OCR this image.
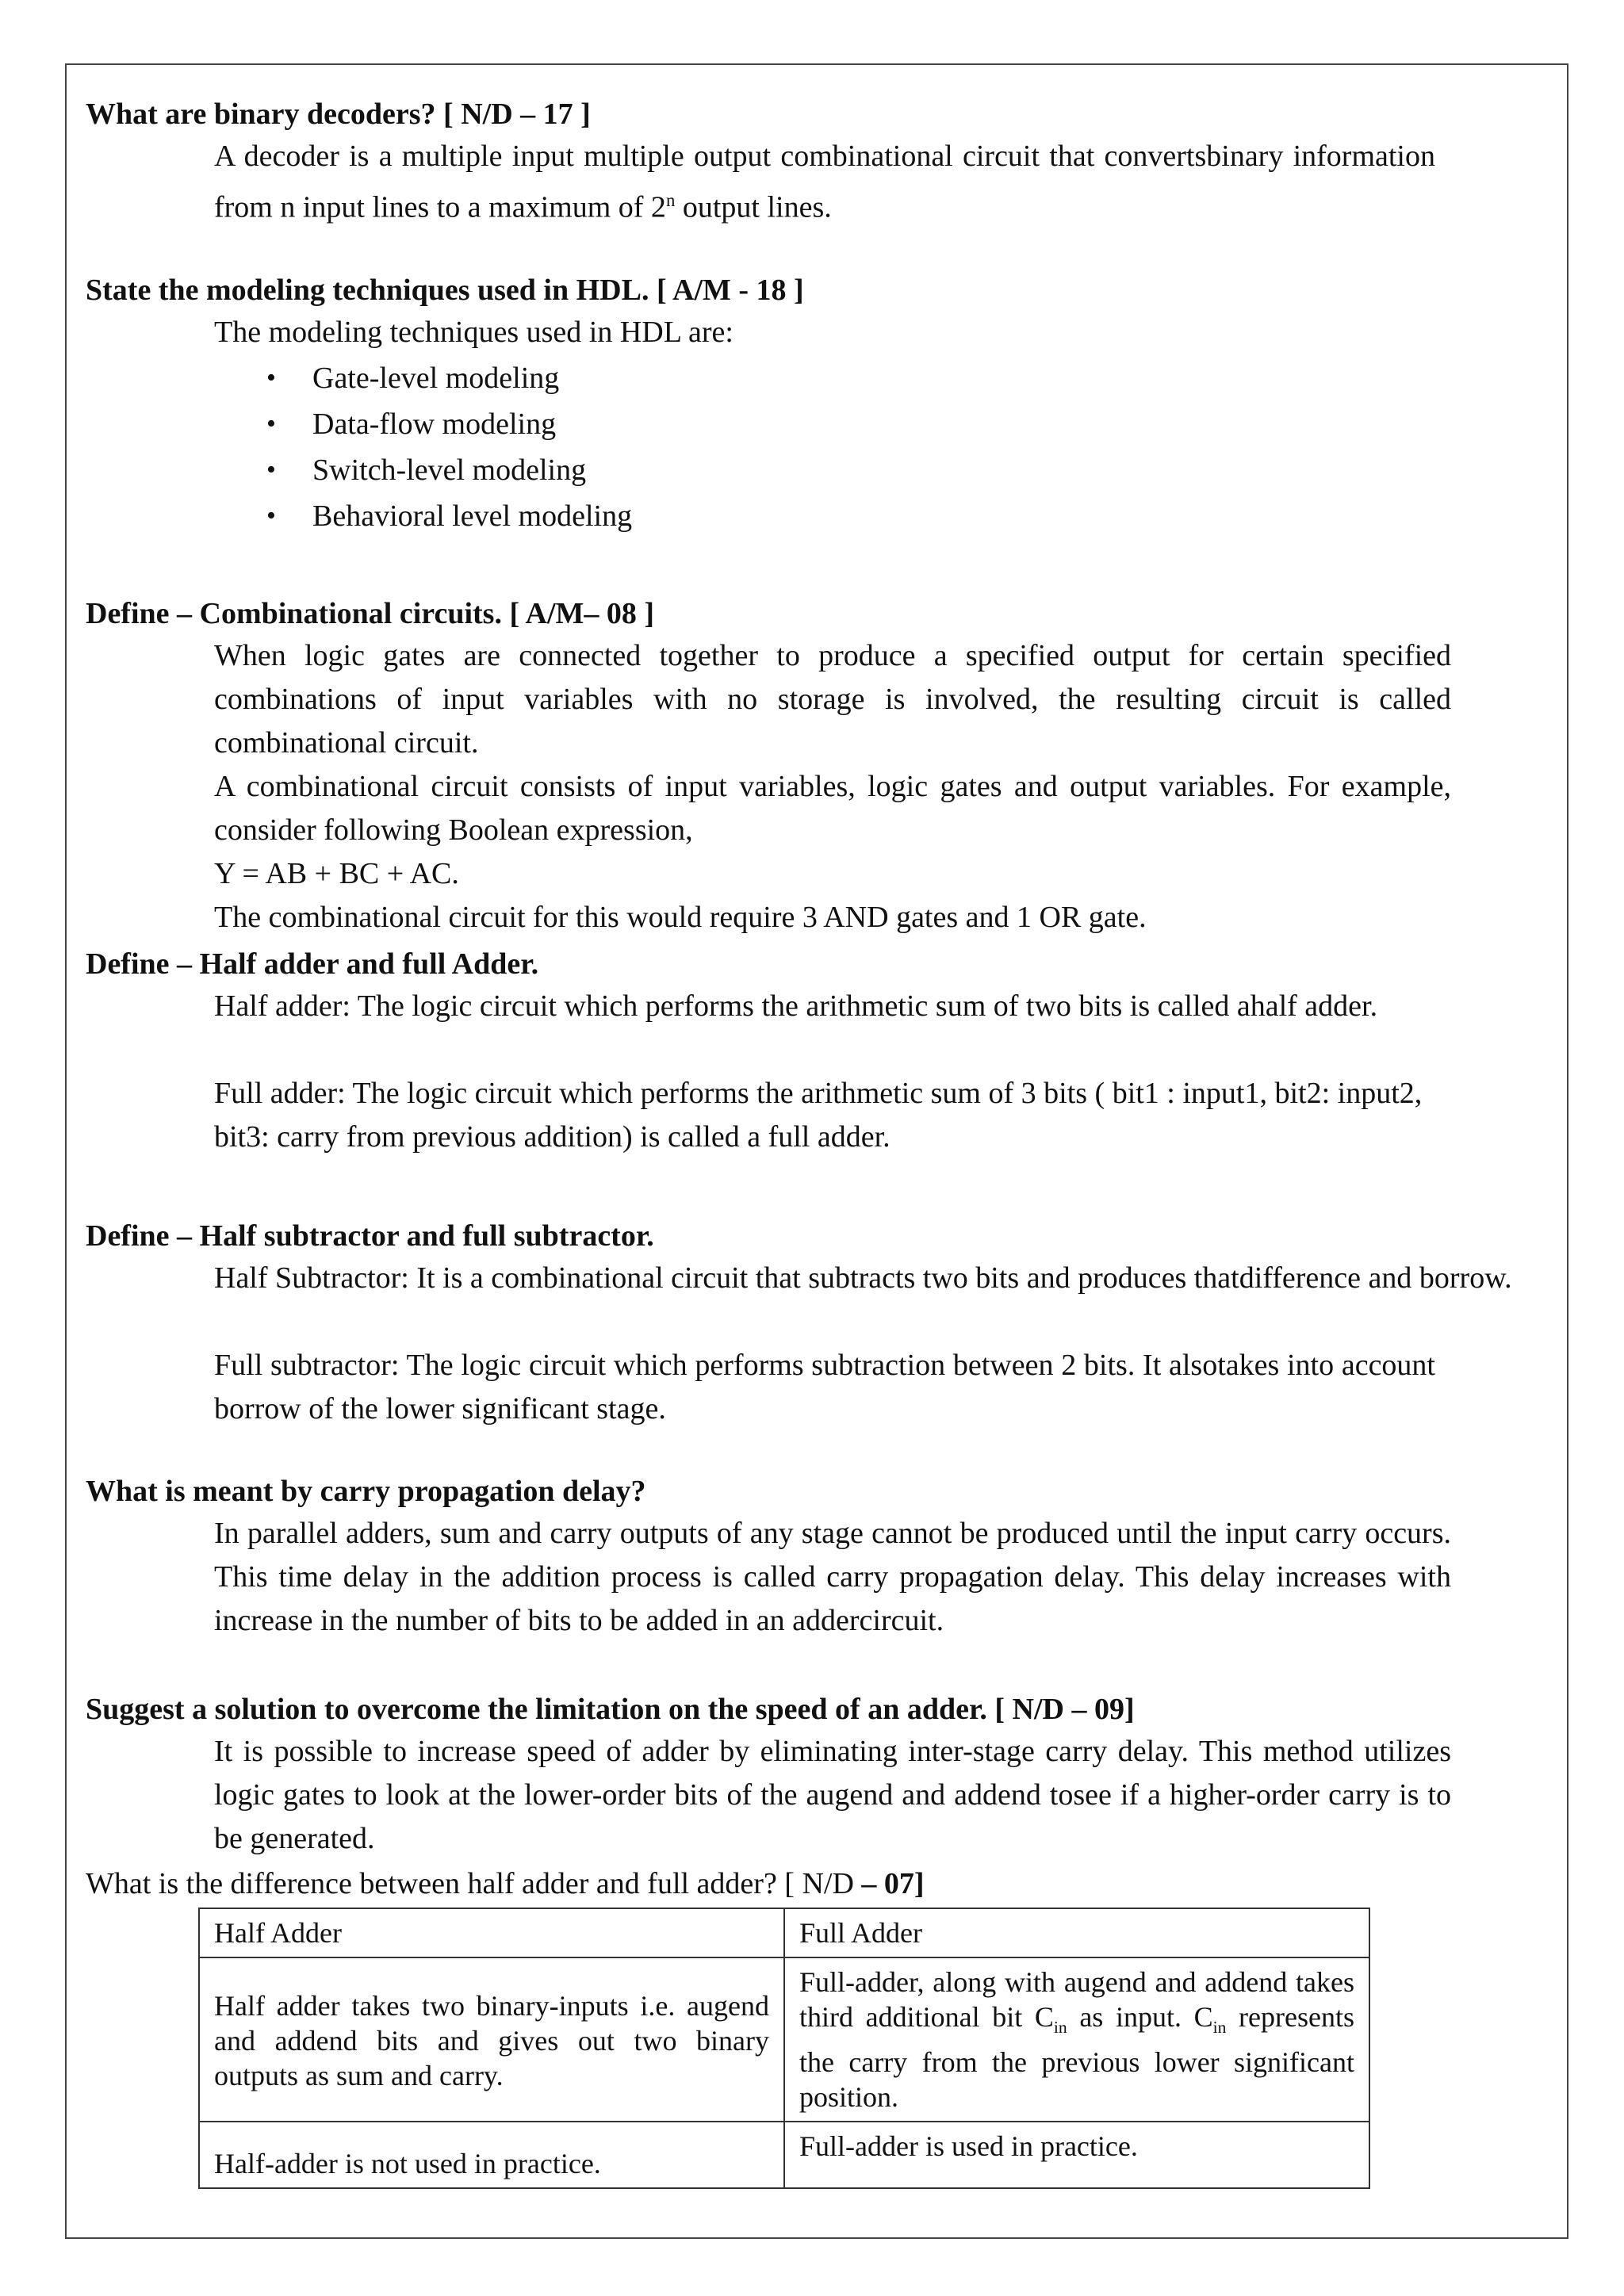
What are binary decoders? [ N/D – 17 ]
A decoder is a multiple input multiple output combinational circuit that convertsbinary information from n input lines to a maximum of 2$^n$ output lines.
State the modeling techniques used in HDL. [ A/M - 18 ]
The modeling techniques used in HDL are:
• Gate-level modeling
• Data-flow modeling
• Switch-level modeling
• Behavioral level modeling
Define – Combinational circuits. [ A/M– 08 ]
When logic gates are connected together to produce a specified output for certain specified combinations of input variables with no storage is involved, the resulting circuit is called combinational circuit.
A combinational circuit consists of input variables, logic gates and output variables. For example, consider following Boolean expression,
Y = AB + BC + AC.
The combinational circuit for this would require 3 AND gates and 1 OR gate.
Define – Half adder and full Adder.
Half adder: The logic circuit which performs the arithmetic sum of two bits is called ahalf adder.
Full adder: The logic circuit which performs the arithmetic sum of 3 bits ( bit1 : input1, bit2: input2, bit3: carry from previous addition) is called a full adder.
Define – Half subtractor and full subtractor.
Half Subtractor: It is a combinational circuit that subtracts two bits and produces thatdifference and borrow.
Full subtractor: The logic circuit which performs subtraction between 2 bits. It alsotakes into account borrow of the lower significant stage.
What is meant by carry propagation delay?
In parallel adders, sum and carry outputs of any stage cannot be produced until the input carry occurs. This time delay in the addition process is called carry propagation delay. This delay increases with increase in the number of bits to be added in an addercircuit.
Suggest a solution to overcome the limitation on the speed of an adder. [ N/D – 09]
It is possible to increase speed of adder by eliminating inter-stage carry delay. This method utilizes logic gates to look at the lower-order bits of the augend and addend tosee if a higher-order carry is to be generated.
What is the difference between half adder and full adder? [ N/D – 07]
Half Adder	Full Adder

Half adder takes two binary-inputs i.e. augend and addend bits and gives out two binary outputs as sum and carry.	Full-adder, along with augend and addend takes third additional bit $C_{in}$ as input. $C_{in}$ represents the carry from the previous lower significant position.

Half-adder is not used in practice.	Full-adder is used in practice.
